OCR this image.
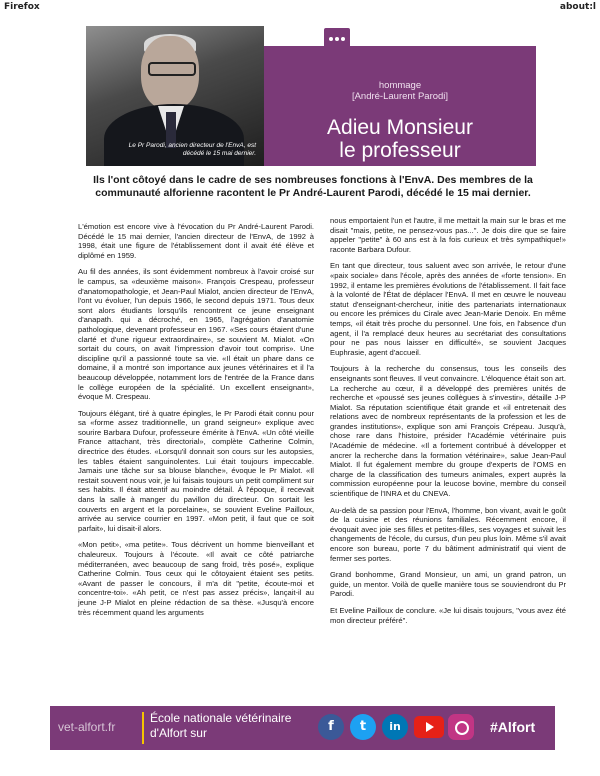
Firefox	about:l
Le Pr Parodi, ancien directeur de l'EnvA, est décédé le 15 mai dernier.
hommage
[André-Laurent Parodi]
Adieu Monsieur
le professeur
Ils l'ont côtoyé dans le cadre de ses nombreuses fonctions à l'EnvA. Des membres de la communauté alforienne racontent le Pr André-Laurent Parodi, décédé le 15 mai dernier.

L'émotion est encore vive à l'évocation du Pr André-Laurent Parodi. Décédé le 15 mai dernier, l'ancien directeur de l'EnvA, de 1992 à 1998, était une figure de l'établissement dont il avait été élève et diplômé en 1959.

Au fil des années, ils sont évidemment nombreux à l'avoir croisé sur le campus, sa «deuxième maison». François Crespeau, professeur d'anatomopathologie, et Jean-Paul Mialot, ancien directeur de l'EnvA, l'ont vu évoluer, l'un depuis 1966, le second depuis 1971. Tous deux sont alors étudiants lorsqu'ils rencontrent ce jeune enseignant d'anapath. qui a décroché, en 1965, l'agrégation d'anatomie pathologique, devenant professeur en 1967. «Ses cours étaient d'une clarté et d'une rigueur extraordinaire», se souvient M. Mialot. «On sortait du cours, on avait l'impression d'avoir tout compris». Une discipline qu'il a passionné toute sa vie. «Il était un phare dans ce domaine, il a montré son importance aux jeunes vétérinaires et il l'a beaucoup développée, notamment lors de l'entrée de la France dans le collège européen de la spécialité. Un excellent enseignant», évoque M. Crespeau.

Toujours élégant, tiré à quatre épingles, le Pr Parodi était connu pour sa «forme assez traditionnelle, un grand seigneur» explique avec sourire Barbara Dufour, professeure émérite à l'EnvA. «Un côté vieille France attachant, très directorial», complète Catherine Colmin, directrice des études. «Lorsqu'il donnait son cours sur les autopsies, les tables étaient sanguinolentes. Lui était toujours impeccable. Jamais une tâche sur sa blouse blanche», évoque le Pr Mialot. «Il restait souvent nous voir, je lui faisais toujours un petit compliment sur ses habits. Il était attentif au moindre détail. À l'époque, il recevait dans la salle à manger du pavillon du directeur. On sortait les couverts en argent et la porcelaine», se souvient Eveline Pailloux, arrivée au service courrier en 1997. «Mon petit, il faut que ce soit parfait», lui disait-il alors.

«Mon petit», «ma petite». Tous décrivent un homme bienveillant et chaleureux. Toujours à l'écoute. «Il avait ce côté patriarche méditerranéen, avec beaucoup de sang froid, très posé», explique Catherine Colmin. Tous ceux qui le côtoyaient étaient ses petits. «Avant de passer le concours, il m'a dit "petite, écoute-moi et concentre-toi». «Ah petit, ce n'est pas assez précis», lançait-il au jeune J-P Mialot en pleine rédaction de sa thèse. «Jusqu'à encore très récemment quand les arguments

nous emportaient l'un et l'autre, il me mettait la main sur le bras et me disait "mais, petite, ne pensez-vous pas...". Je dois dire que se faire appeler "petite" à 60 ans est à la fois curieux et très sympathique!» raconte Barbara Dufour.

En tant que directeur, tous saluent avec son arrivée, le retour d'une «paix sociale» dans l'école, après des années de «forte tension». En 1992, il entame les premières évolutions de l'établissement. Il fait face à la volonté de l'État de déplacer l'EnvA. Il met en œuvre le nouveau statut d'enseignant-chercheur, initie des partenariats internationaux ou encore les prémices du Cirale avec Jean-Marie Denoix. En même temps, «il était très proche du personnel. Une fois, en l'absence d'un agent, il l'a remplacé deux heures au secrétariat des consultations pour ne pas nous laisser en difficulté», se souvient Jacques Euphrasie, agent d'accueil.

Toujours à la recherche du consensus, tous les conseils des enseignants sont fleuves. Il veut convaincre. L'éloquence était son art. La recherche au cœur, il a développé des premières unités de recherche et «poussé ses jeunes collègues à s'investir», détaille J-P Mialot. Sa réputation scientifique était grande et «il entretenait des relations avec de nombreux représentants de la profession et les de grandes institutions», explique son ami François Crépeau. Jusqu'à, chose rare dans l'histoire, présider l'Académie vétérinaire puis l'Académie de médecine. «Il a fortement contribué à développer et ancrer la recherche dans la formation vétérinaire», salue Jean-Paul Mialot. Il fut également membre du groupe d'experts de l'OMS en charge de la classification des tumeurs animales, expert auprès la commission européenne pour la leucose bovine, membre du conseil scientifique de l'INRA et du CNEVA.

Au-delà de sa passion pour l'EnvA, l'homme, bon vivant, avait le goût de la cuisine et des réunions familiales. Récemment encore, il évoquait avec joie ses filles et petites-filles, ses voyages et suivait les changements de l'école, du cursus, d'un peu plus loin. Même s'il avait encore son bureau, porte 7 du bâtiment administratif qui vient de fermer ses portes.

Grand bonhomme, Grand Monsieur, un ami, un grand patron, un guide, un mentor. Voilà de quelle manière tous se souviendront du Pr Parodi.

Et Eveline Pailloux de conclure. «Je lui disais toujours, "vous avez été mon directeur préféré".

vet-alfort.fr
École nationale vétérinaire d'Alfort sur	f	t	in	#Alfort
